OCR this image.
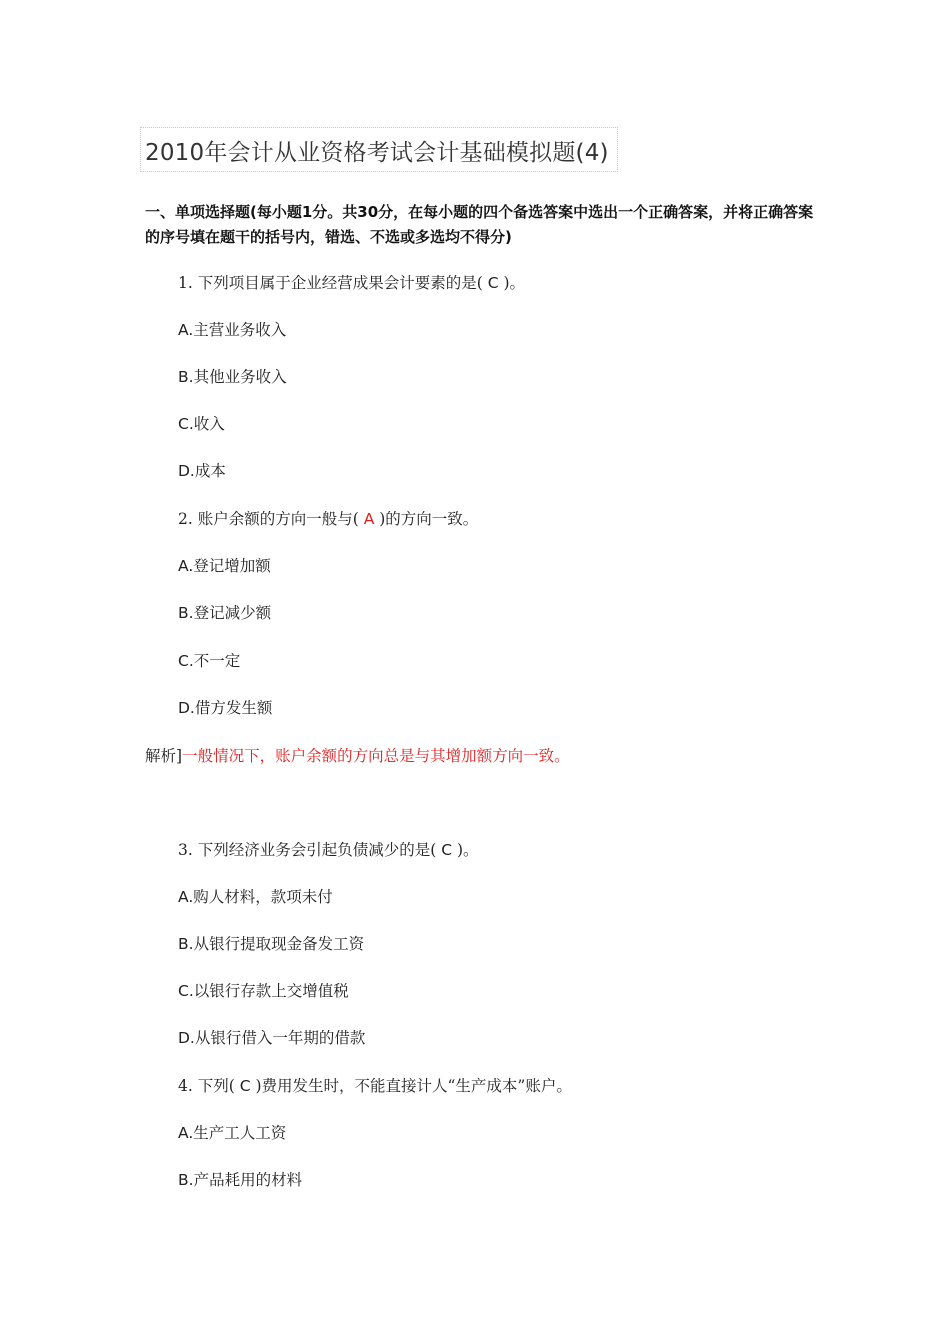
2010年会计从业资格考试会计基础模拟题(4)
一、单项选择题(每小题1分。共30分，在每小题的四个备选答案中选出一个正确答案，并将正确答案的序号填在题干的括号内，错选、不选或多选均不得分)
1. 下列项目属于企业经营成果会计要素的是( C )。
A.主营业务收入
B.其他业务收入
C.收入
D.成本
2. 账户余额的方向一般与( A )的方向一致。
A.登记增加额
B.登记减少额
C.不一定
D.借方发生额
解析]一般情况下，账户余额的方向总是与其增加额方向一致。
3. 下列经济业务会引起负债减少的是( C )。
A.购人材料，款项未付
B.从银行提取现金备发工资
C.以银行存款上交增值税
D.从银行借入一年期的借款
4. 下列( C )费用发生时，不能直接计人“生产成本”账户。
A.生产工人工资
B.产品耗用的材料
